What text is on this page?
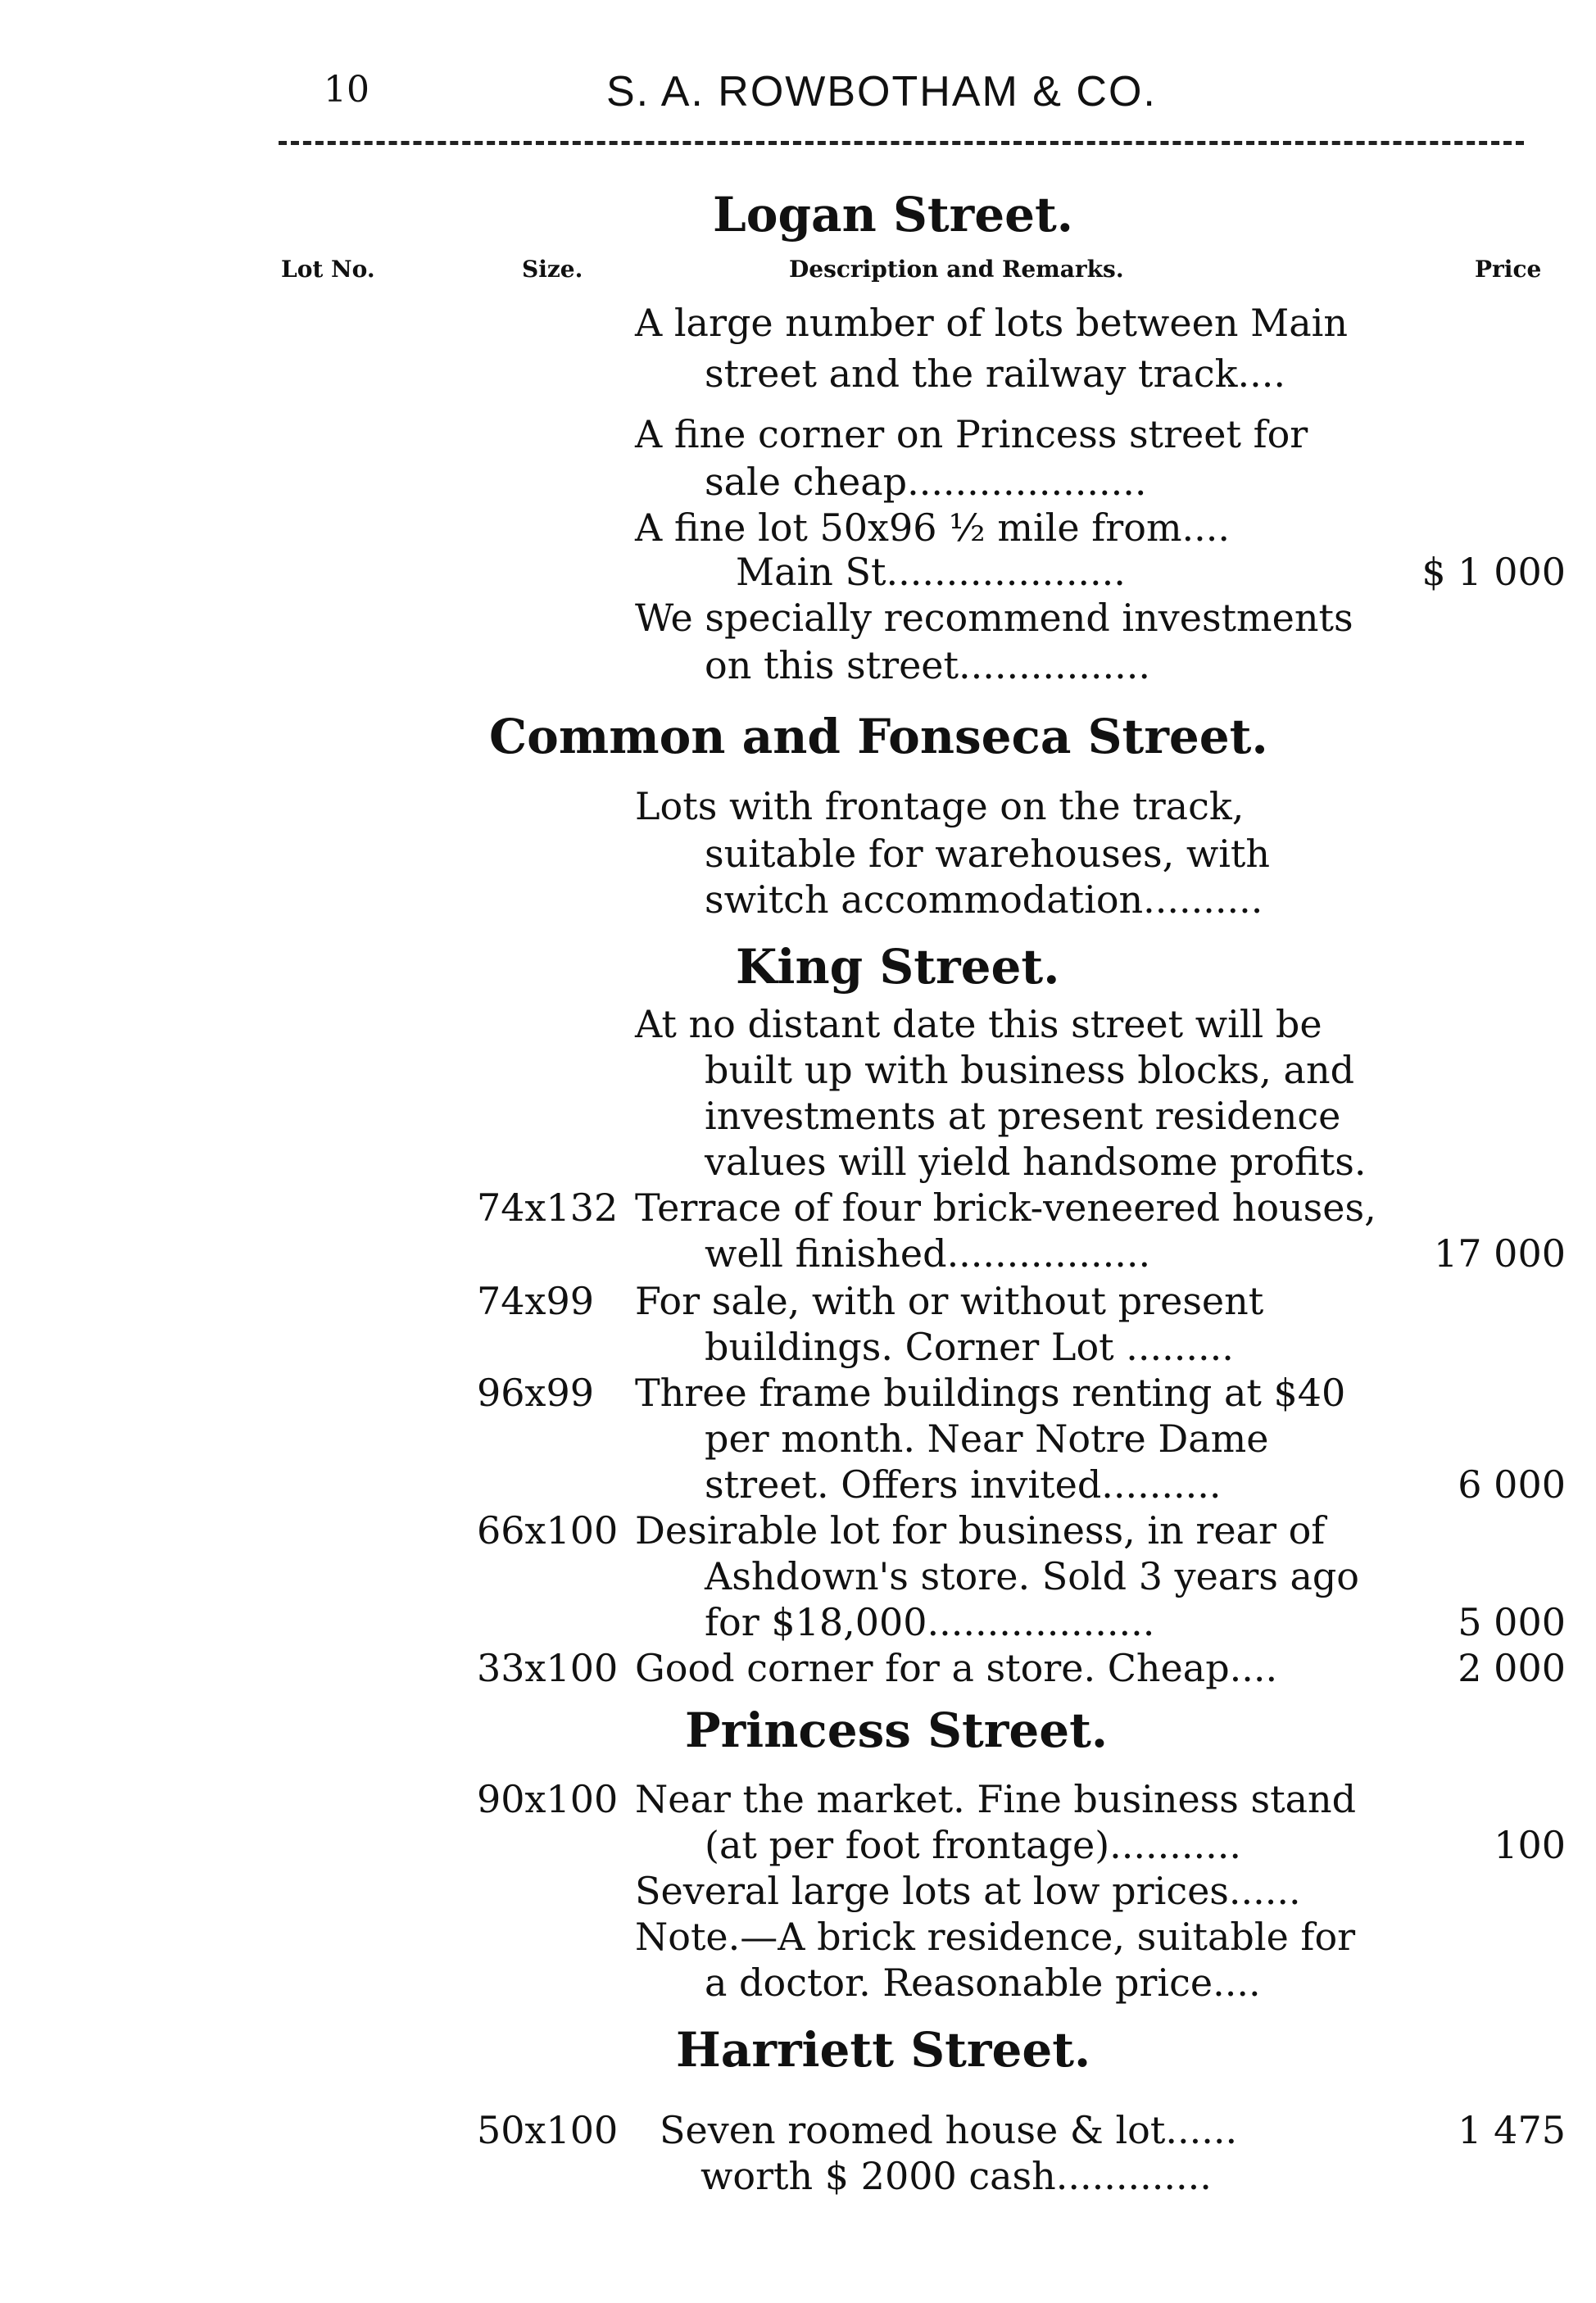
10	S. A. ROWBOTHAM & CO.
Lot No.	Size.	Description and Remarks.	Price
Logan Street.
A large number of lots between Main
street and the railway track....
A fine corner on Princess street for
sale cheap....................
A fine lot 50x96 ½ mile from....
Main St....................	$ 1 000
We specially recommend investments
on this street................
Common and Fonseca Street.
Lots with frontage on the track,
suitable for warehouses, with
switch accommodation..........
King Street.
At no distant date this street will be
built up with business blocks, and
investments at present residence
values will yield handsome profits.
74x132 Terrace of four brick-veneered houses,
well finished.................	17 000
74x99 For sale, with or without present
buildings. Corner Lot .........
96x99 Three frame buildings renting at $40
per month. Near Notre Dame
street. Offers invited..........	6 000
66x100 Desirable lot for business, in rear of
Ashdown's store. Sold 3 years ago
for $18,000...................	5 000
33x100 Good corner for a store. Cheap....	2 000
Princess Street.
90x100 Near the market. Fine business stand
(at per foot frontage)...........	100
Several large lots at low prices......
Note.—A brick residence, suitable for
a doctor. Reasonable price....
Harriett Street.
50x100 Seven roomed house & lot......	1 475
worth $ 2000 cash.............
